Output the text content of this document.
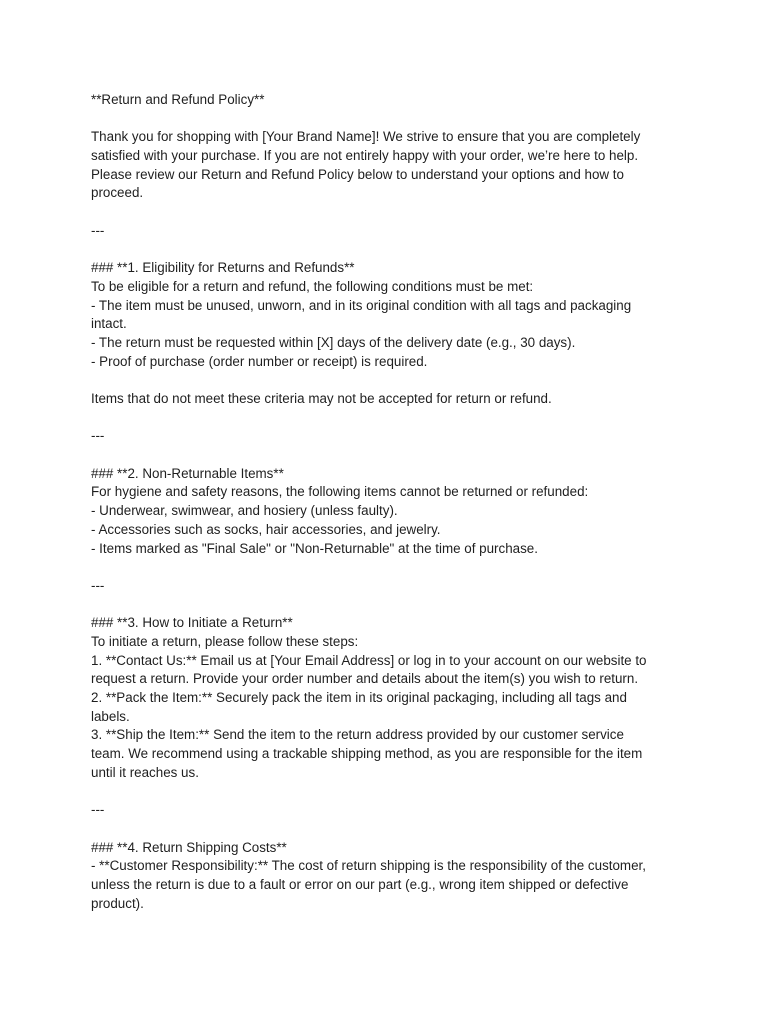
**Return and Refund Policy**
Thank you for shopping with [Your Brand Name]! We strive to ensure that you are completely
satisfied with your purchase. If you are not entirely happy with your order, we’re here to help.
Please review our Return and Refund Policy below to understand your options and how to
proceed.
---
### **1. Eligibility for Returns and Refunds**
To be eligible for a return and refund, the following conditions must be met:
- The item must be unused, unworn, and in its original condition with all tags and packaging
intact.
- The return must be requested within [X] days of the delivery date (e.g., 30 days).
- Proof of purchase (order number or receipt) is required.
Items that do not meet these criteria may not be accepted for return or refund.
---
### **2. Non-Returnable Items**
For hygiene and safety reasons, the following items cannot be returned or refunded:
- Underwear, swimwear, and hosiery (unless faulty).
- Accessories such as socks, hair accessories, and jewelry.
- Items marked as "Final Sale" or "Non-Returnable" at the time of purchase.
---
### **3. How to Initiate a Return**
To initiate a return, please follow these steps:
1. **Contact Us:** Email us at [Your Email Address] or log in to your account on our website to
request a return. Provide your order number and details about the item(s) you wish to return.
2. **Pack the Item:** Securely pack the item in its original packaging, including all tags and
labels.
3. **Ship the Item:** Send the item to the return address provided by our customer service
team. We recommend using a trackable shipping method, as you are responsible for the item
until it reaches us.
---
### **4. Return Shipping Costs**
- **Customer Responsibility:** The cost of return shipping is the responsibility of the customer,
unless the return is due to a fault or error on our part (e.g., wrong item shipped or defective
product).
